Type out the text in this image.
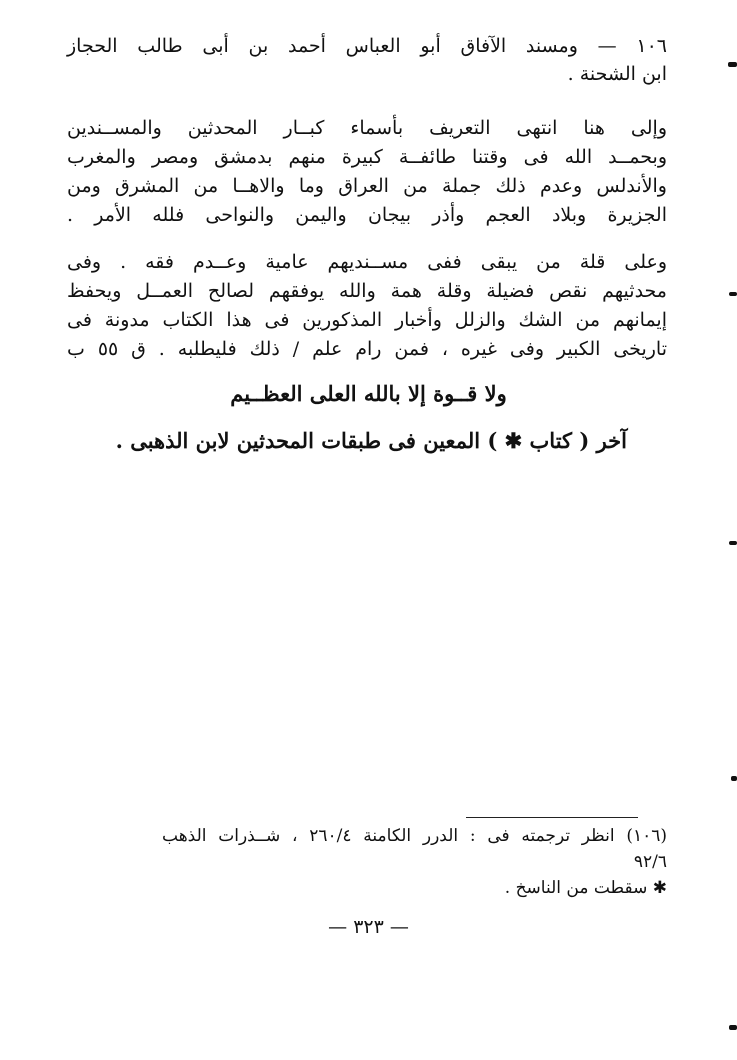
١٠٦ — ومسند الآفاق أبو العباس أحمد بن أبى طالب الحجاز
ابن الشحنة .
وإلى هنا انتهى التعريف بأسماء كبــار المحدثين والمســندين
وبحمــد الله فى وقتنا طائفــة كبيرة منهم بدمشق ومصر والمغرب
والأندلس وعدم ذلك جملة من العراق وما والاهــا من المشرق ومن
الجزيرة وبلاد العجم وأذر بيجان واليمن والنواحى فلله الأمر .
وعلى قلة من يبقى ففى مســنديهم عامية وعــدم فقه . وفى
محدثيهم نقص فضيلة وقلة همة والله يوفقهم لصالح العمــل ويحفظ
إيمانهم من الشك والزلل وأخبار المذكورين فى هذا الكتاب مدونة فى
تاريخى الكبير وفى غيره ، فمن رام علم / ذلك فليطلبه . ق ٥٥ ب
ولا قــوة إلا بالله العلى العظــيم
آخر ( كتاب ✱ ) المعين فى طبقات المحدثين لابن الذهبى .
(١٠٦) انظر ترجمته فى : الدرر الكامنة ٢٦٠/٤ ، شــذرات الذهب
٩٢/٦
✱ سقطت من الناسخ .
— ٣٢٣ —
